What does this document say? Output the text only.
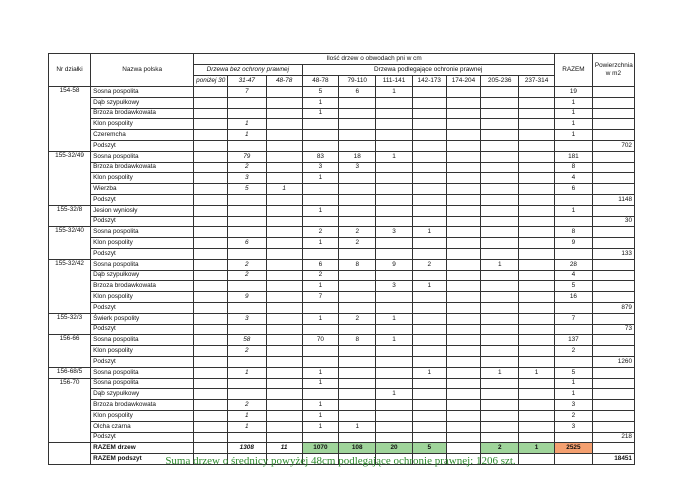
Nr działki	Nazwa polska	Ilość drzew o obwodach pni w cm										RAZEM	Powierzchnia
w m2
		Drzewa bez ochrony prawnej			Drzewa podlegające ochronie prawnej								
		poniżej 30	31-47	48-78	48-78	79-110	111-141	142-173	174-204	205-236	237-314		
154-58	Sosna pospolita		7		5	6	1					19	
	Dąb szypułkowy				1							1	
	Brzoza brodawkowata				1							1	
	Klon pospolity		1									1	
	Czeremcha		1									1	
	Podszyt												702
155-32/49	Sosna pospolita		79		83	18	1					181	
	Brzoza brodawkowata		2		3	3						8	
	Klon pospolity		3		1							4	
	Wierzba		5	1								6	
	Podszyt												1148
155-32/8	Jesion wyniosły				1							1	
	Podszyt												30
155-32/40	Sosna pospolita				2	2	3	1				8	
	Klon pospolity		6		1	2						9	
	Podszyt												133
155-32/42	Sosna pospolita		2		6	8	9	2		1		28	
	Dąb szypułkowy		2		2							4	
	Brzoza brodawkowata				1		3	1				5	
	Klon pospolity		9		7							16	
	Podszyt												879
155-32/3	Świerk pospolity		3		1	2	1					7	
	Podszyt												73
156-66	Sosna pospolita		58		70	8	1					137	
	Klon pospolity		2									2	
	Podszyt												1260
156-68/5	Sosna pospolita		1		1			1		1	1	5	
156-70	Sosna pospolita				1							1	
	Dąb szypułkowy						1					1	
	Brzoza brodawkowata		2		1							3	
	Klon pospolity		1		1							2	
	Olcha czarna		1		1	1						3	
	Podszyt												218
	RAZEM drzew		1308	11	1070	108	20	5		2	1	2525	
	RAZEM podszyt												18451
Suma drzew o średnicy powyżej 48cm podlegające ochronie prawnej: 1206 szt.
